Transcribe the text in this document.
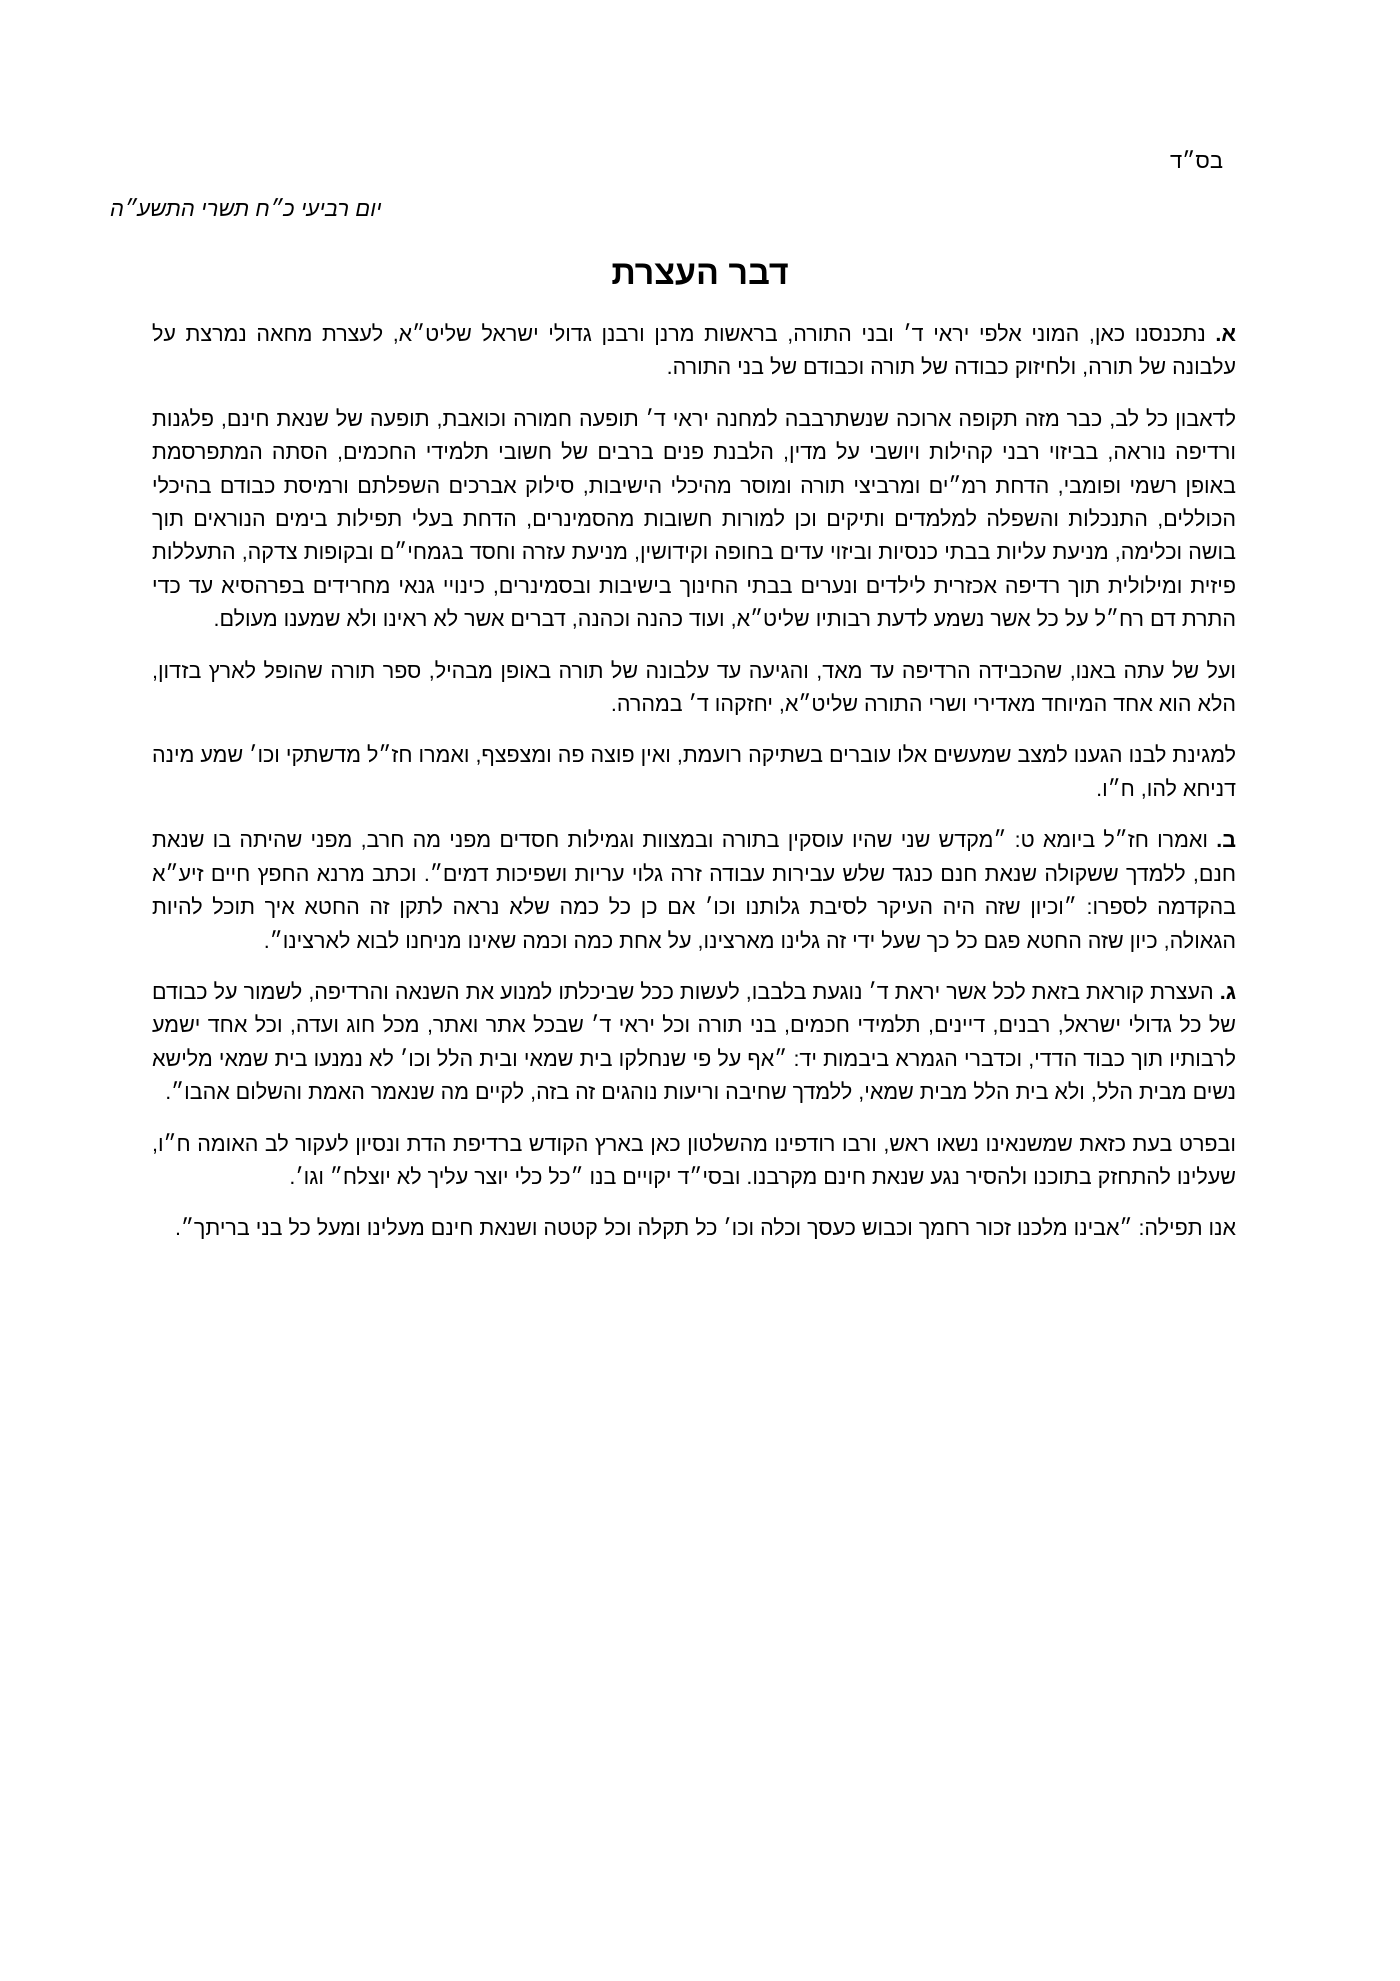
בס״ד
יום רביעי כ״ח תשרי התשע״ה
דבר העצרת

א. נתכנסנו כאן, המוני אלפי יראי ד׳ ובני התורה, בראשות מרנן ורבנן גדולי ישראל שליט״א, לעצרת מחאה נמרצת על עלבונה של תורה, ולחיזוק כבודה של תורה וכבודם של בני התורה.

לדאבון כל לב, כבר מזה תקופה ארוכה שנשתרבבה למחנה יראי ד׳ תופעה חמורה וכואבת, תופעה של שנאת חינם, פלגנות ורדיפה נוראה, בביזוי רבני קהילות ויושבי על מדין, הלבנת פנים ברבים של חשובי תלמידי החכמים, הסתה המתפרסמת באופן רשמי ופומבי, הדחת רמ״ים ומרביצי תורה ומוסר מהיכלי הישיבות, סילוק אברכים השפלתם ורמיסת כבודם בהיכלי הכוללים, התנכלות והשפלה למלמדים ותיקים וכן למורות חשובות מהסמינרים, הדחת בעלי תפילות בימים הנוראים תוך בושה וכלימה, מניעת עליות בבתי כנסיות וביזוי עדים בחופה וקידושין, מניעת עזרה וחסד בגמחי״ם ובקופות צדקה, התעללות פיזית ומילולית תוך רדיפה אכזרית לילדים ונערים בבתי החינוך בישיבות ובסמינרים, כינויי גנאי מחרידים בפרהסיא עד כדי התרת דם רח״ל על כל אשר נשמע לדעת רבותיו שליט״א, ועוד כהנה וכהנה, דברים אשר לא ראינו ולא שמענו מעולם.

ועל של עתה באנו, שהכבידה הרדיפה עד מאד, והגיעה עד עלבונה של תורה באופן מבהיל, ספר תורה שהופל לארץ בזדון, הלא הוא אחד המיוחד מאדירי ושרי התורה שליט״א, יחזקהו ד׳ במהרה.

למגינת לבנו הגענו למצב שמעשים אלו עוברים בשתיקה רועמת, ואין פוצה פה ומצפצף, ואמרו חז״ל מדשתקי וכו׳ שמע מינה דניחא להו, ח״ו.

ב. ואמרו חז״ל ביומא ט: ״מקדש שני שהיו עוסקין בתורה ובמצוות וגמילות חסדים מפני מה חרב, מפני שהיתה בו שנאת חנם, ללמדך ששקולה שנאת חנם כנגד שלש עבירות עבודה זרה גלוי עריות ושפיכות דמים״. וכתב מרנא החפץ חיים זיע״א בהקדמה לספרו: ״וכיון שזה היה העיקר לסיבת גלותנו וכו׳ אם כן כל כמה שלא נראה לתקן זה החטא איך תוכל להיות הגאולה, כיון שזה החטא פגם כל כך שעל ידי זה גלינו מארצינו, על אחת כמה וכמה שאינו מניחנו לבוא לארצינו״.

ג. העצרת קוראת בזאת לכל אשר יראת ד׳ נוגעת בלבבו, לעשות ככל שביכלתו למנוע את השנאה והרדיפה, לשמור על כבודם של כל גדולי ישראל, רבנים, דיינים, תלמידי חכמים, בני תורה וכל יראי ד׳ שבכל אתר ואתר, מכל חוג ועדה, וכל אחד ישמע לרבותיו תוך כבוד הדדי, וכדברי הגמרא ביבמות יד: ״אף על פי שנחלקו בית שמאי ובית הלל וכו׳ לא נמנעו בית שמאי מלישא נשים מבית הלל, ולא בית הלל מבית שמאי, ללמדך שחיבה וריעות נוהגים זה בזה, לקיים מה שנאמר האמת והשלום אהבו״.

ובפרט בעת כזאת שמשנאינו נשאו ראש, ורבו רודפינו מהשלטון כאן בארץ הקודש ברדיפת הדת ונסיון לעקור לב האומה ח״ו, שעלינו להתחזק בתוכנו ולהסיר נגע שנאת חינם מקרבנו. ובסי״ד יקויים בנו ״כל כלי יוצר עליך לא יוצלח״ וגו׳.

אנו תפילה: ״אבינו מלכנו זכור רחמך וכבוש כעסך וכלה וכו׳ כל תקלה וכל קטטה ושנאת חינם מעלינו ומעל כל בני בריתך״.
